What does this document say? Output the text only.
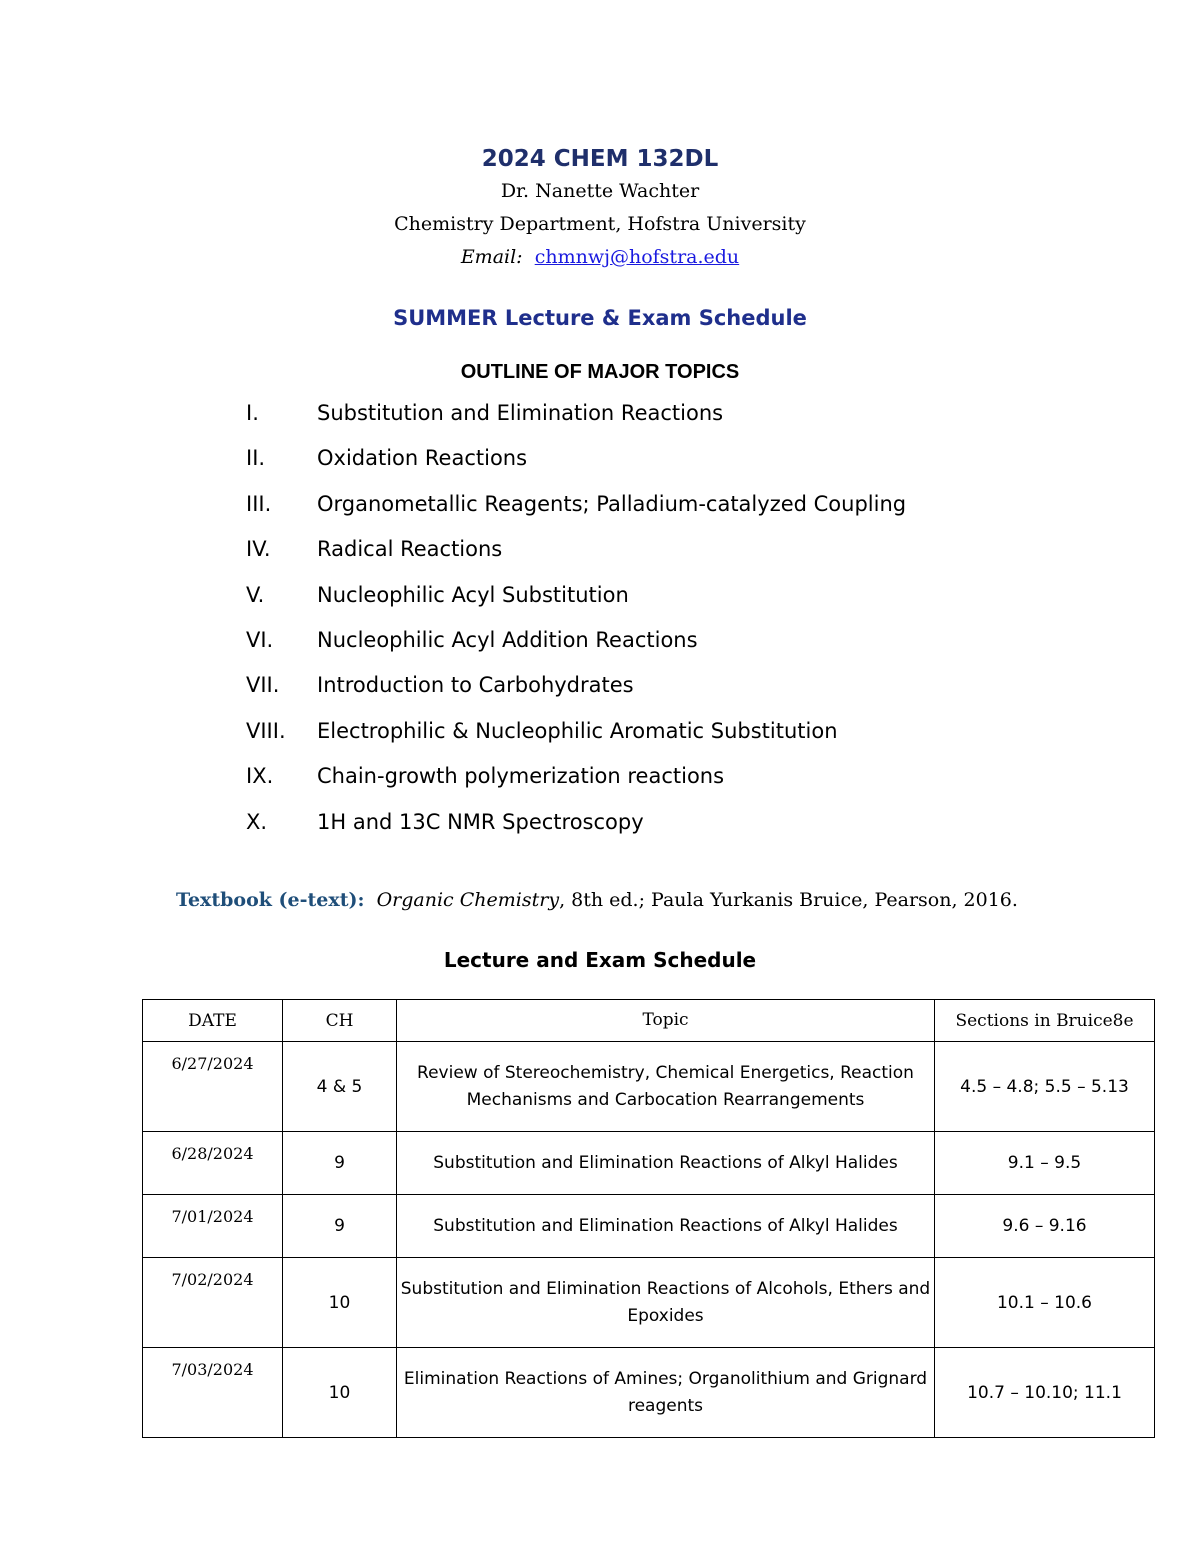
2024 CHEM 132DL
Dr. Nanette Wachter
Chemistry Department, Hofstra University
Email: chmnwj@hofstra.edu
SUMMER Lecture & Exam Schedule
OUTLINE OF MAJOR TOPICS
I.	Substitution and Elimination Reactions
II. Oxidation Reactions
III. Organometallic Reagents; Palladium-catalyzed Coupling
IV. Radical Reactions
V.	Nucleophilic Acyl Substitution
VI. Nucleophilic Acyl Addition Reactions
VII. Introduction to Carbohydrates
VIII. Electrophilic & Nucleophilic Aromatic Substitution
IX. Chain-growth polymerization reactions
X. 1H and 13C NMR Spectroscopy
Textbook (e-text): Organic Chemistry, 8th ed.; Paula Yurkanis Bruice, Pearson, 2016.
Lecture and Exam Schedule
DATE	CH	Topic	Sections in Bruice8e
6/27/2024	4 & 5	Review of Stereochemistry, Chemical Energetics, Reaction Mechanisms and Carbocation Rearrangements	4.5 – 4.8; 5.5 – 5.13
6/28/2024	9	Substitution and Elimination Reactions of Alkyl Halides	9.1 – 9.5
7/01/2024	9	Substitution and Elimination Reactions of Alkyl Halides	9.6 – 9.16
7/02/2024	10	Substitution and Elimination Reactions of Alcohols, Ethers and Epoxides	10.1 – 10.6
7/03/2024	10	Elimination Reactions of Amines; Organolithium and Grignard reagents	10.7 – 10.10; 11.1
